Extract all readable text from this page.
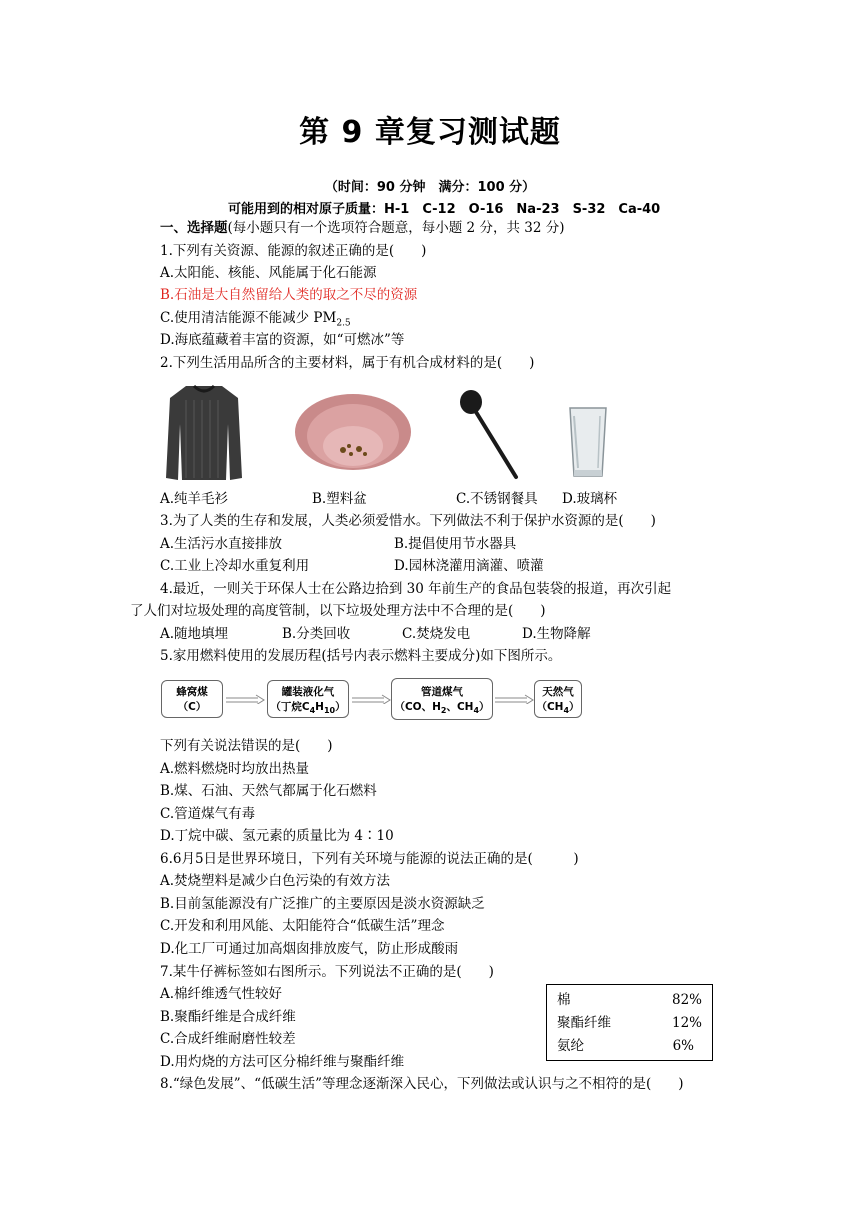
第 9 章复习测试题
（时间：90 分钟　满分：100 分）
可能用到的相对原子质量：H-1　C-12　O-16　Na-23　S-32　Ca-40
一、选择题(每小题只有一个选项符合题意，每小题 2 分，共 32 分)
1.下列有关资源、能源的叙述正确的是(　　)
A.太阳能、核能、风能属于化石能源
B.石油是大自然留给人类的取之不尽的资源
C.使用清洁能源不能减少 $PM_{2.5}$
D.海底蕴藏着丰富的资源，如“可燃冰”等
2.下列生活用品所含的主要材料，属于有机合成材料的是(　　)
A.纯羊毛衫	B.塑料盆	C.不锈钢餐具 D.玻璃杯
3.为了人类的生存和发展，人类必须爱惜水。下列做法不利于保护水资源的是(　　)
A.生活污水直接排放	B.提倡使用节水器具
C.工业上冷却水重复利用	D.园林浇灌用滴灌、喷灌
4.最近，一则关于环保人士在公路边拾到 30 年前生产的食品包装袋的报道，再次引起
了人们对垃圾处理的高度管制，以下垃圾处理方法中不合理的是(　　)
A.随地填埋	B.分类回收	C.焚烧发电	D.生物降解
5.家用燃料使用的发展历程(括号内表示燃料主要成分)如下图所示。
蜂窝煤
（C）
罐装液化气
（丁烷$C_4H_{10}$）
管道煤气
（CO、$H_2$、$CH_4$）
天然气
$(CH_4)$
下列有关说法错误的是(　　)
A.燃料燃烧时均放出热量
B.煤、石油、天然气都属于化石燃料
C.管道煤气有毒
D.丁烷中碳、氢元素的质量比为 4∶10
6.6月5日是世界环境日，下列有关环境与能源的说法正确的是(　　　)
A.焚烧塑料是减少白色污染的有效方法
B.目前氢能源没有广泛推广的主要原因是淡水资源缺乏
C.开发和利用风能、太阳能符合“低碳生活”理念
D.化工厂可通过加高烟囱排放废气，防止形成酸雨
7.某牛仔裤标签如右图所示。下列说法不正确的是(　　)
A.棉纤维透气性较好
B.聚酯纤维是合成纤维
C.合成纤维耐磨性较差
D.用灼烧的方法可区分棉纤维与聚酯纤维
棉	82%
聚酯纤维	12%
氨纶	6%
8.“绿色发展”、“低碳生活”等理念逐渐深入民心，下列做法或认识与之不相符的是(　　)
